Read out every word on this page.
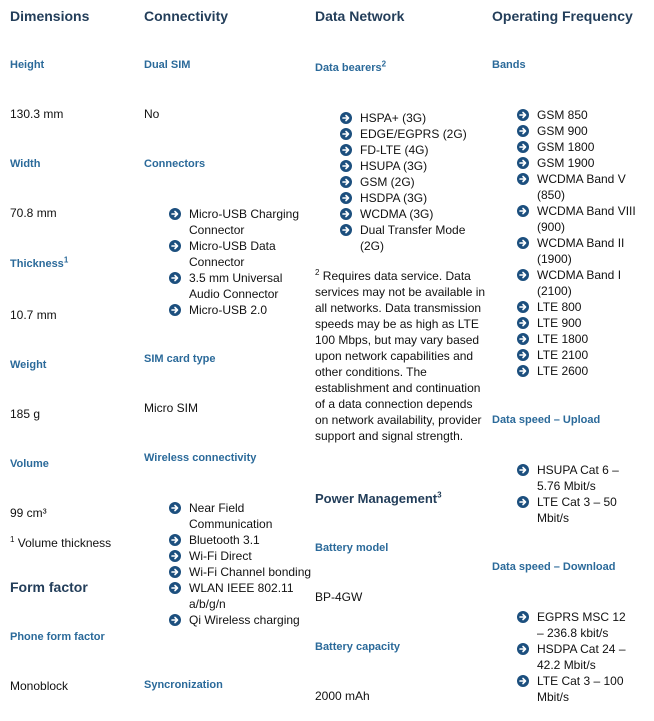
Dimensions
Height
130.3 mm
Width
70.8 mm
Thickness$^1$
10.7 mm
Weight
185 g
Volume
99 cm³
$^1$ Volume thickness
Form factor
Phone form factor
Monoblock
Connectivity
Dual SIM
No
Connectors
Micro-USB Charging Connector
Micro-USB Data Connector
3.5 mm Universal Audio Connector
Micro-USB 2.0
SIM card type
Micro SIM
Wireless connectivity
Near Field Communication
Bluetooth 3.1
Wi-Fi Direct
Wi-Fi Channel bonding
WLAN IEEE 802.11 a/b/g/n
Qi Wireless charging
Syncronization
Data Network
Data bearers$^2$
HSPA+ (3G)
EDGE/EGPRS (2G)
FD-LTE (4G)
HSUPA (3G)
GSM (2G)
HSDPA (3G)
WCDMA (3G)
Dual Transfer Mode (2G)
$^2$ Requires data service. Data services may not be available in all networks. Data transmission speeds may be as high as LTE 100 Mbps, but may vary based upon network capabilities and other conditions. The establishment and continuation of a data connection depends on network availability, provider support and signal strength.
Power Management$^3$
Battery model
BP-4GW
Battery capacity
2000 mAh
Operating Frequency
Bands
GSM 850
GSM 900
GSM 1800
GSM 1900
WCDMA Band V (850)
WCDMA Band VIII (900)
WCDMA Band II (1900)
WCDMA Band I (2100)
LTE 800
LTE 900
LTE 1800
LTE 2100
LTE 2600
Data speed – Upload
HSUPA Cat 6 – 5.76 Mbit/s
LTE Cat 3 – 50 Mbit/s
Data speed – Download
EGPRS MSC 12 – 236.8 kbit/s
HSDPA Cat 24 – 42.2 Mbit/s
LTE Cat 3 – 100 Mbit/s
